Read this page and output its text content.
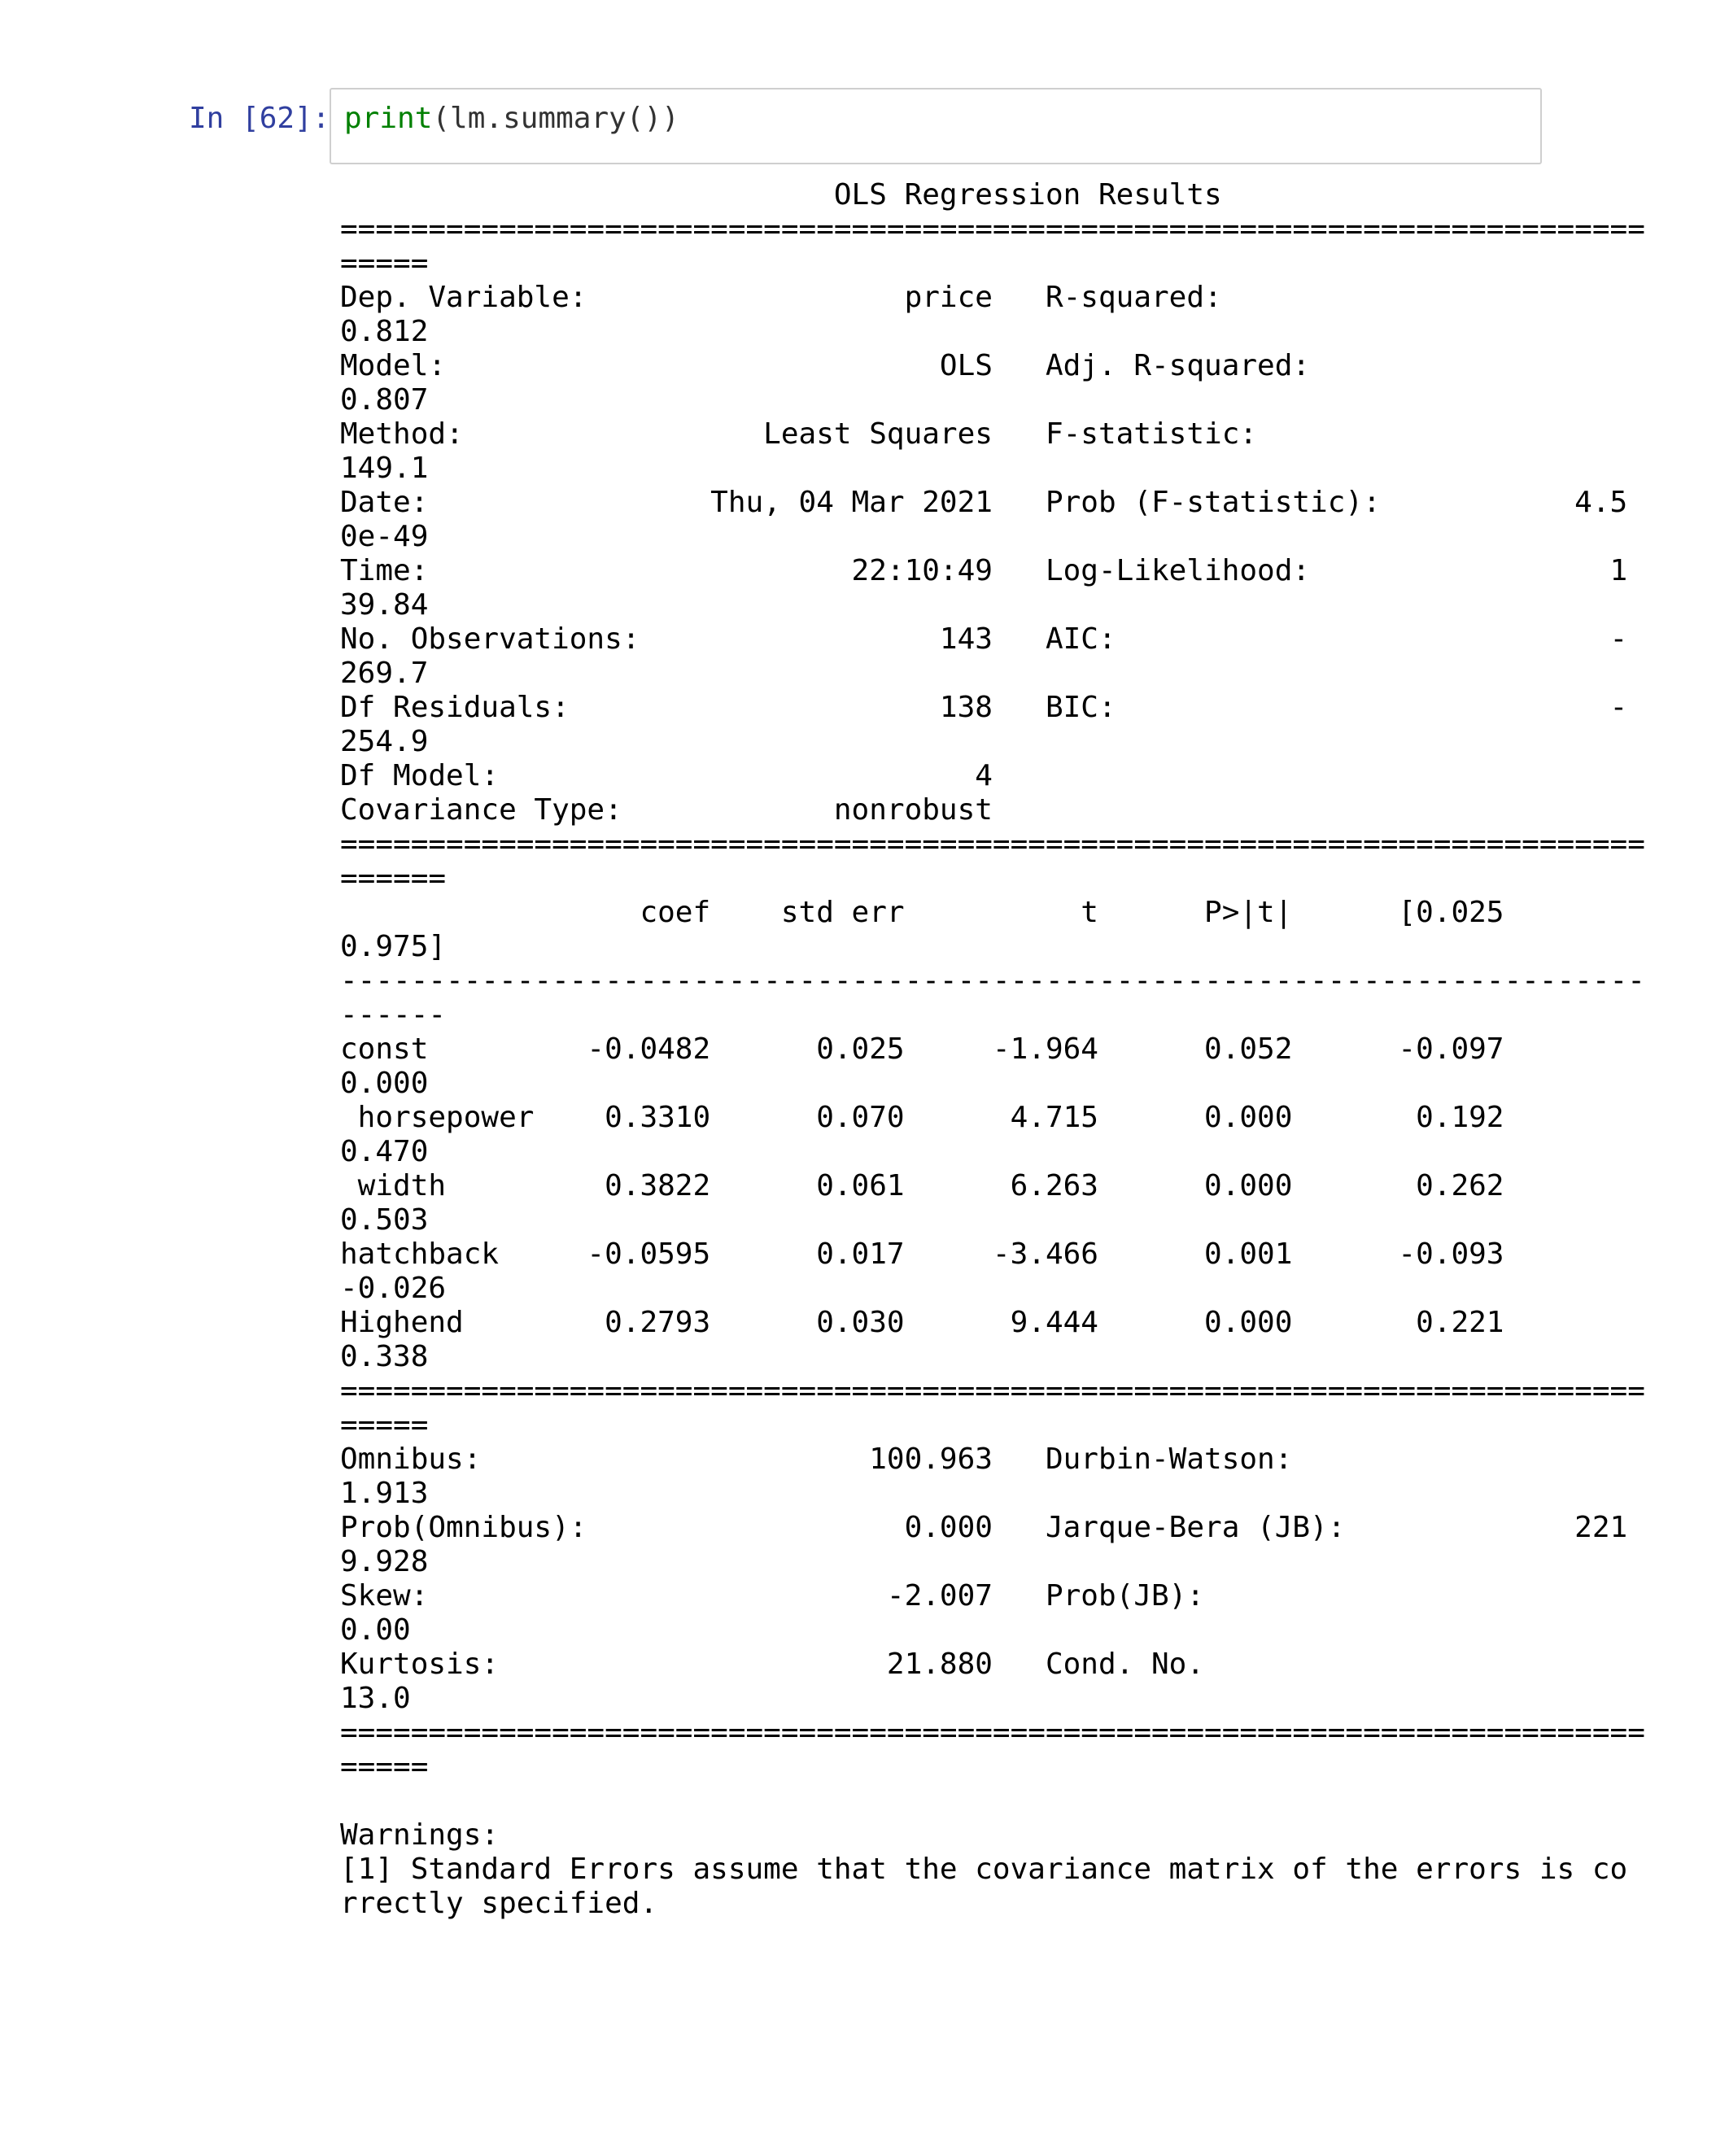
In [62]: print(lm.summary())
OLS Regression Results
==========================================================================
=====
Dep. Variable:                  price   R-squared:
0.812
Model:                            OLS   Adj. R-squared:
0.807
Method:                 Least Squares   F-statistic:
149.1
Date:                Thu, 04 Mar 2021   Prob (F-statistic):           4.5
0e-49
Time:                        22:10:49   Log-Likelihood:                 1
39.84
No. Observations:                 143   AIC:                            -
269.7
Df Residuals:                     138   BIC:                            -
254.9
Df Model:                           4
Covariance Type:            nonrobust
==========================================================================
======
coef    std err          t      P>|t|      [0.025
0.975]
--------------------------------------------------------------------------
------
const         -0.0482      0.025     -1.964      0.052      -0.097
0.000
horsepower    0.3310      0.070      4.715      0.000       0.192
0.470
width         0.3822      0.061      6.263      0.000       0.262
0.503
hatchback     -0.0595      0.017     -3.466      0.001      -0.093
-0.026
Highend        0.2793      0.030      9.444      0.000       0.221
0.338
==========================================================================
=====
Omnibus:                      100.963   Durbin-Watson:
1.913
Prob(Omnibus):                  0.000   Jarque-Bera (JB):             221
9.928
Skew:                          -2.007   Prob(JB):
0.00
Kurtosis:                      21.880   Cond. No.
13.0
==========================================================================
=====
Warnings:
[1] Standard Errors assume that the covariance matrix of the errors is co
rrectly specified.
